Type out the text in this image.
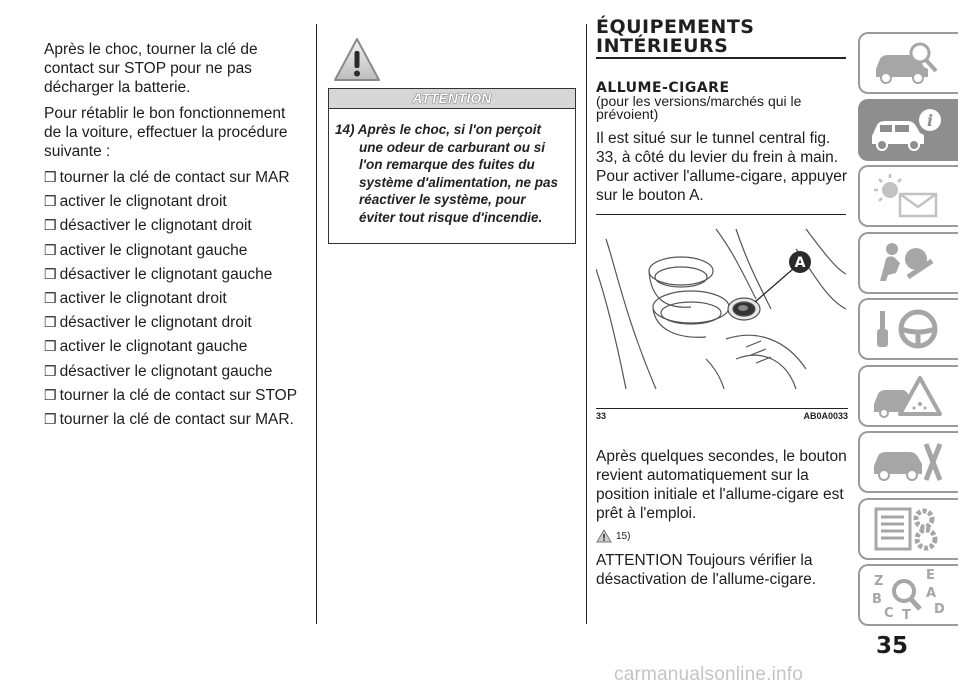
Après le choc, tourner la clé de contact sur STOP pour ne pas décharger la batterie.

Pour rétablir le bon fonctionnement de la voiture, effectuer la procédure suivante :

❒ tourner la clé de contact sur MAR
❒ activer le clignotant droit
❒ désactiver le clignotant droit
❒ activer le clignotant gauche
❒ désactiver le clignotant gauche
❒ activer le clignotant droit
❒ désactiver le clignotant droit
❒ activer le clignotant gauche
❒ désactiver le clignotant gauche
❒ tourner la clé de contact sur STOP
❒ tourner la clé de contact sur MAR.
ATTENTION

14) Après le choc, si l'on perçoit une odeur de carburant ou si l'on remarque des fuites du système d'alimentation, ne pas réactiver le système, pour éviter tout risque d'incendie.

ÉQUIPEMENTS
INTÉRIEURS
ALLUME-CIGARE

(pour les versions/marchés qui le prévoient)

Il est situé sur le tunnel central fig. 33, à côté du levier du frein à main. Pour activer l'allume-cigare, appuyer sur le bouton A.

A
33	AB0A0033

Après quelques secondes, le bouton revient automatiquement sur la position initiale et l'allume-cigare est prêt à l'emploi.

15)

ATTENTION Toujours vérifier la désactivation de l'allume-cigare.

i
Z	E
A
B
D
C T
35
carmanualsonline.info
